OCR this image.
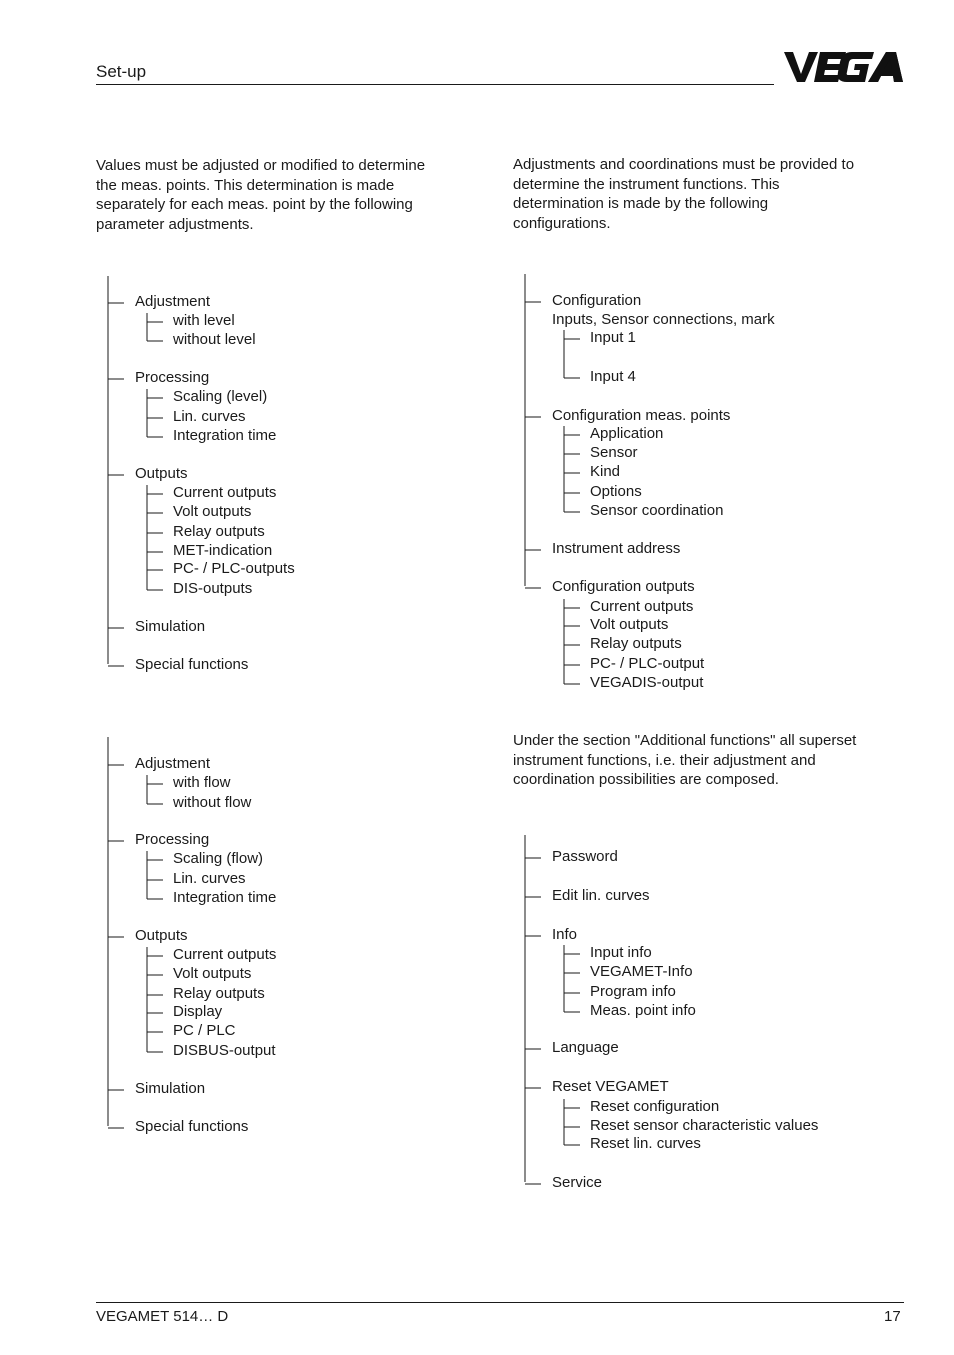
Set-up
Values must be adjusted or modified to determine
the meas. points. This determination is made
separately for each meas. point by the following
parameter adjustments.
Adjustments and coordinations must be provided to
determine the instrument functions. This
determination is made by the following
configurations.
Under the section "Additional functions" all superset
instrument functions, i.e. their adjustment and
coordination possibilities are composed.
Adjustment
with level
without level
Processing
Scaling (level)
Lin. curves
Integration time
Outputs
Current outputs
Volt outputs
Relay outputs
MET-indication
PC- / PLC-outputs
DIS-outputs
Simulation
Special functions
Adjustment
with flow
without flow
Processing
Scaling (flow)
Lin. curves
Integration time
Outputs
Current outputs
Volt outputs
Relay outputs
Display
PC / PLC
DISBUS-output
Simulation
Special functions
Configuration
Inputs, Sensor connections, mark
Input 1
Input 4
Configuration meas. points
Application
Sensor
Kind
Options
Sensor coordination
Instrument address
Configuration outputs
Current outputs
Volt outputs
Relay outputs
PC- / PLC-output
VEGADIS-output
Password
Edit lin. curves
Info
Input info
VEGAMET-Info
Program info
Meas. point info
Language
Reset VEGAMET
Reset configuration
Reset sensor characteristic values
Reset lin. curves
Service
VEGAMET 514… D	17
